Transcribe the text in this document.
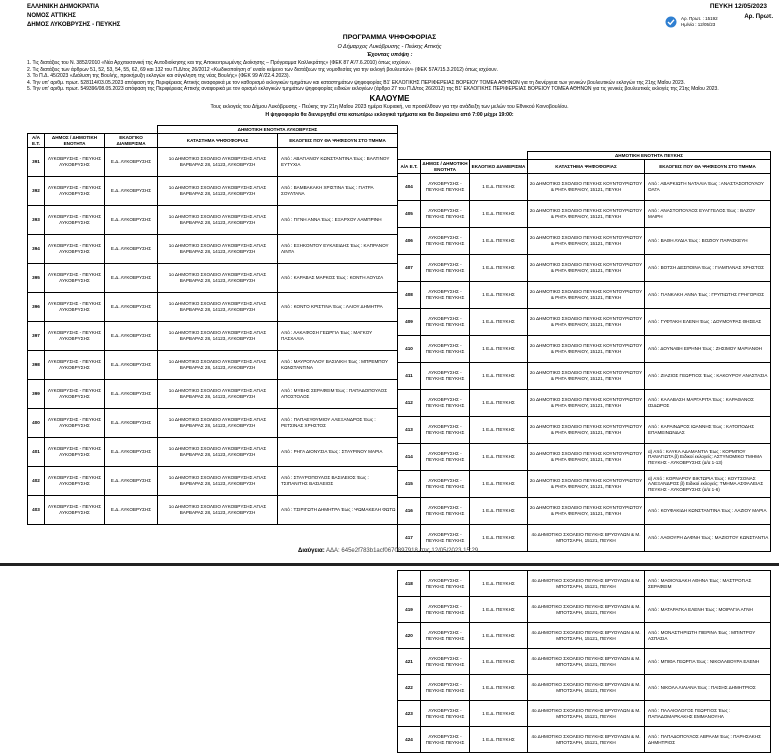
ΕΛΛΗΝΙΚΗ ΔΗΜΟΚΡΑΤΙΑ
ΝΟΜΟΣ ΑΤΤΙΚΗΣ
ΔΗΜΟΣ ΛΥΚΟΒΡΥΣΗΣ - ΠΕΥΚΗΣ
ΠΕΥΚΗ 12/05/2023
Αρ. Πρωτ. : 15192
Ημ/νία : 12/05/23
Αρ. Πρωτ.
ΠΡΟΓΡΑΜΜΑ ΨΗΦΟΦΟΡΙΑΣ
Ο Δήμαρχος Λυκόβρυσης - Πεύκης Αττικής
Έχοντας υπόψη :
1. Τις διατάξεις του Ν. 3852/2010 «Νέα Αρχιτεκτονική της Αυτοδιοίκησης και της Αποκεντρωμένης Διοίκησης – Πρόγραμμα Καλλικράτης» (ΦΕΚ 87 Α'/7.6.2010) όπως ισχύουν.
2. Τις διατάξεις των άρθρων 51, 52, 53, 54, 55, 62, 69 και 132 του Π.Δ/τος 26/2012 «Κωδικοποίηση σ' ενιαίο κείμενο των διατάξεων της νομοθεσίας για την εκλογή βουλευτών» (ΦΕΚ 57Α'/15.3.2012) όπως ισχύουν.
3. Το Π.Δ. 45/2023 «Διάλυση της Βουλής, προκήρυξη εκλογών και σύγκληση της νέας Βουλής» (ΦΕΚ 99 Α'/22.4.2023).
4. Την υπ' αριθμ. πρωτ. 528114/03.05.2023 απόφαση της Περιφέρειας Αττικής αναφορικά με τον καθορισμό εκλογικών τμημάτων και καταστημάτων ψηφοφορίας Β1' ΕΚΛΟΓΙΚΗΣ ΠΕΡΙΦΕΡΕΙΑΣ ΒΟΡΕΙΟΥ ΤΟΜΕΑ ΑΘΗΝΩΝ για τη διενέργεια των γενικών βουλευτικών εκλογών της 21ης Μαΐου 2023.
5. Την υπ' αριθμ. πρωτ. 549396/08.05.2023 απόφαση της Περιφέρειας Αττικής αναφορικά με τον ορισμό εκλογικών τμημάτων ψηφοφορίας ειδικών εκλογέων (άρθρο 27 του Π.Δ/τος 26/2012) της Β1' ΕΚΛΟΓΙΚΗΣ ΠΕΡΙΦΕΡΕΙΑΣ ΒΟΡΕΙΟΥ ΤΟΜΕΑ ΑΘΗΝΩΝ για τις γενικές βουλευτικές εκλογές της 21ης Μαΐου 2023.
ΚΑΛΟΥΜΕ
Τους εκλογείς του Δήμου Λυκόβρυσης - Πεύκης την 21η Μαΐου 2023 ημέρα Κυριακή, να προσέλθουν για την ανάδειξη των μελών του Εθνικού Κοινοβουλίου.
Η ψηφοφορία θα διενεργηθεί στα κατωτέρω εκλογικά τμήματα και θα διαρκέσει από 7:00 μέχρι 19:00:
			ΔΗΜΟΤΙΚΗ ΕΝΟΤΗΤΑ ΛΥΚΟΒΡΥΣΗΣ	
Α/Α Ε.Τ.	ΔΗΜΟΣ / ΔΗΜΟΤΙΚΗ ΕΝΟΤΗΤΑ	ΕΚΛΟΓΙΚΟ ΔΙΑΜΕΡΙΣΜΑ	ΚΑΤΑΣΤΗΜΑ ΨΗΦΟΦΟΡΙΑΣ	ΕΚΛΟΓΕΙΣ ΠΟΥ ΘΑ ΨΗΦΙΣΟΥΝ ΣΤΟ ΤΜΗΜΑ
391	ΛΥΚΟΒΡΥΣΗΣ - ΠΕΥΚΗΣ ΛΥΚΟΒΡΥΣΗΣ	Ε.Δ. ΛΥΚΟΒΡΥΣΗΣ	1ο ΔΗΜΟΤΙΚΟ ΣΧΟΛΕΙΟ ΛΥΚΟΒΡΥΣΗΣ ΑΓΙΑΣ ΒΑΡΒΑΡΑΣ 28, 14123, ΛΥΚΟΒΡΥΣΗ	Από : ΑΒΑΓΙΑΝΟΥ ΚΩΝΣΤΑΝΤΙΝΑ Έως : ΒΑΛΤΙΝΟΥ ΕΥΤΥΧΙΑ
392	ΛΥΚΟΒΡΥΣΗΣ - ΠΕΥΚΗΣ ΛΥΚΟΒΡΥΣΗΣ	Ε.Δ. ΛΥΚΟΒΡΥΣΗΣ	1ο ΔΗΜΟΤΙΚΟ ΣΧΟΛΕΙΟ ΛΥΚΟΒΡΥΣΗΣ ΑΓΙΑΣ ΒΑΡΒΑΡΑΣ 28, 14123, ΛΥΚΟΒΡΥΣΗ	Από : ΒΑΜΒΑΚΑΚΗ ΧΡΙΣΤΙΝΑ Έως : ΓΙΑΤΡΑ ΣΟΥΛΤΑΝΑ
393	ΛΥΚΟΒΡΥΣΗΣ - ΠΕΥΚΗΣ ΛΥΚΟΒΡΥΣΗΣ	Ε.Δ. ΛΥΚΟΒΡΥΣΗΣ	1ο ΔΗΜΟΤΙΚΟ ΣΧΟΛΕΙΟ ΛΥΚΟΒΡΥΣΗΣ ΑΓΙΑΣ ΒΑΡΒΑΡΑΣ 28, 14123, ΛΥΚΟΒΡΥΣΗ	Από : ΓΙΓΝΗ ΑΝΝΑ Έως : ΕΞΑΡΧΟΥ ΛΑΜΠΡΙΝΗ
394	ΛΥΚΟΒΡΥΣΗΣ - ΠΕΥΚΗΣ ΛΥΚΟΒΡΥΣΗΣ	Ε.Δ. ΛΥΚΟΒΡΥΣΗΣ	1ο ΔΗΜΟΤΙΚΟ ΣΧΟΛΕΙΟ ΛΥΚΟΒΡΥΣΗΣ ΑΓΙΑΣ ΒΑΡΒΑΡΑΣ 28, 14123, ΛΥΚΟΒΡΥΣΗ	Από : ΕΞΗΚΟΝΤΟΥ ΕΥΚΛΕΙΔΗΣ Έως : ΚΑΠΡΑΝΟΥ ΛΙΝΤΑ
395	ΛΥΚΟΒΡΥΣΗΣ - ΠΕΥΚΗΣ ΛΥΚΟΒΡΥΣΗΣ	Ε.Δ. ΛΥΚΟΒΡΥΣΗΣ	1ο ΔΗΜΟΤΙΚΟ ΣΧΟΛΕΙΟ ΛΥΚΟΒΡΥΣΗΣ ΑΓΙΑΣ ΒΑΡΒΑΡΑΣ 28, 14123, ΛΥΚΟΒΡΥΣΗ	Από : ΚΑΡΑΒΑΣ ΜΑΡΚΟΣ Έως : ΚΟΝΤΗ ΛΟΥΙΖΑ
396	ΛΥΚΟΒΡΥΣΗΣ - ΠΕΥΚΗΣ ΛΥΚΟΒΡΥΣΗΣ	Ε.Δ. ΛΥΚΟΒΡΥΣΗΣ	1ο ΔΗΜΟΤΙΚΟ ΣΧΟΛΕΙΟ ΛΥΚΟΒΡΥΣΗΣ ΑΓΙΑΣ ΒΑΡΒΑΡΑΣ 28, 14123, ΛΥΚΟΒΡΥΣΗ	Από : ΚΟΝΤΟ ΚΡΙΣΤΙΝΑ Έως : ΛΑΙΟΥ ΔΗΜΗΤΡΑ
397	ΛΥΚΟΒΡΥΣΗΣ - ΠΕΥΚΗΣ ΛΥΚΟΒΡΥΣΗΣ	Ε.Δ. ΛΥΚΟΒΡΥΣΗΣ	1ο ΔΗΜΟΤΙΚΟ ΣΧΟΛΕΙΟ ΛΥΚΟΒΡΥΣΗΣ ΑΓΙΑΣ ΒΑΡΒΑΡΑΣ 28, 14123, ΛΥΚΟΒΡΥΣΗ	Από : ΛΑΚΑΦΟΣΗ ΓΕΩΡΓΙΑ Έως : ΜΑΓΚΟΥ ΠΑΣΧΑΛΙΑ
398	ΛΥΚΟΒΡΥΣΗΣ - ΠΕΥΚΗΣ ΛΥΚΟΒΡΥΣΗΣ	Ε.Δ. ΛΥΚΟΒΡΥΣΗΣ	1ο ΔΗΜΟΤΙΚΟ ΣΧΟΛΕΙΟ ΛΥΚΟΒΡΥΣΗΣ ΑΓΙΑΣ ΒΑΡΒΑΡΑΣ 28, 14123, ΛΥΚΟΒΡΥΣΗ	Από : ΜΑΥΡΟΓΑΛΟΥ ΒΑΣΙΛΙΚΗ Έως : ΜΠΡΕΜΠΟΥ ΚΩΝΣΤΑΝΤΙΝΑ
399	ΛΥΚΟΒΡΥΣΗΣ - ΠΕΥΚΗΣ ΛΥΚΟΒΡΥΣΗΣ	Ε.Δ. ΛΥΚΟΒΡΥΣΗΣ	1ο ΔΗΜΟΤΙΚΟ ΣΧΟΛΕΙΟ ΛΥΚΟΒΡΥΣΗΣ ΑΓΙΑΣ ΒΑΡΒΑΡΑΣ 28, 14123, ΛΥΚΟΒΡΥΣΗ	Από : ΜΥΒΗΣ ΣΕΡΑΦΕΙΜ Έως : ΠΑΠΑΔΟΠΟΥΛΟΣ ΑΠΟΣΤΟΛΟΣ
400	ΛΥΚΟΒΡΥΣΗΣ - ΠΕΥΚΗΣ ΛΥΚΟΒΡΥΣΗΣ	Ε.Δ. ΛΥΚΟΒΡΥΣΗΣ	1ο ΔΗΜΟΤΙΚΟ ΣΧΟΛΕΙΟ ΛΥΚΟΒΡΥΣΗΣ ΑΓΙΑΣ ΒΑΡΒΑΡΑΣ 28, 14123, ΛΥΚΟΒΡΥΣΗ	Από : ΠΑΠΑΕΥΘΥΜΙΟΥ ΑΛΕΞΑΝΔΡΟΣ Έως : ΡΕΤΣΙΝΑΣ ΧΡΗΣΤΟΣ
401	ΛΥΚΟΒΡΥΣΗΣ - ΠΕΥΚΗΣ ΛΥΚΟΒΡΥΣΗΣ	Ε.Δ. ΛΥΚΟΒΡΥΣΗΣ	1ο ΔΗΜΟΤΙΚΟ ΣΧΟΛΕΙΟ ΛΥΚΟΒΡΥΣΗΣ ΑΓΙΑΣ ΒΑΡΒΑΡΑΣ 28, 14123, ΛΥΚΟΒΡΥΣΗ	Από : ΡΗΓΑ ΔΙΟΝΥΣΙΑ Έως : ΣΤΑΥΡΙΝΟΥ ΜΑΡΙΑ
402	ΛΥΚΟΒΡΥΣΗΣ - ΠΕΥΚΗΣ ΛΥΚΟΒΡΥΣΗΣ	Ε.Δ. ΛΥΚΟΒΡΥΣΗΣ	1ο ΔΗΜΟΤΙΚΟ ΣΧΟΛΕΙΟ ΛΥΚΟΒΡΥΣΗΣ ΑΓΙΑΣ ΒΑΡΒΑΡΑΣ 28, 14123, ΛΥΚΟΒΡΥΣΗ	Από : ΣΤΑΥΡΟΠΟΥΛΟΣ ΒΑΣΙΛΕΙΟΣ Έως : ΤΣΙΠΑΝΙΤΗΣ ΒΑΣΙΛΕΙΟΣ
403	ΛΥΚΟΒΡΥΣΗΣ - ΠΕΥΚΗΣ ΛΥΚΟΒΡΥΣΗΣ	Ε.Δ. ΛΥΚΟΒΡΥΣΗΣ	1ο ΔΗΜΟΤΙΚΟ ΣΧΟΛΕΙΟ ΛΥΚΟΒΡΥΣΗΣ ΑΓΙΑΣ ΒΑΡΒΑΡΑΣ 28, 14123, ΛΥΚΟΒΡΥΣΗ	Από : ΤΣΙΡΙΓΩΤΗ ΔΗΜΗΤΡΑ Έως : ΨΩΜΑΚΕΛΗ ΦΩΤΩ
			ΔΗΜΟΤΙΚΗ ΕΝΟΤΗΤΑ ΠΕΥΚΗΣ	
Α/Α Ε.Τ.	ΔΗΜΟΣ / ΔΗΜΟΤΙΚΗ ΕΝΟΤΗΤΑ	ΕΚΛΟΓΙΚΟ ΔΙΑΜΕΡΙΣΜΑ	ΚΑΤΑΣΤΗΜΑ ΨΗΦΟΦΟΡΙΑΣ	ΕΚΛΟΓΕΙΣ ΠΟΥ ΘΑ ΨΗΦΙΣΟΥΝ ΣΤΟ ΤΜΗΜΑ
404	ΛΥΚΟΒΡΥΣΗΣ - ΠΕΥΚΗΣ ΠΕΥΚΗΣ	1 Ε.Δ. ΠΕΥΚΗΣ	2ο ΔΗΜΟΤΙΚΟ ΣΧΟΛΕΙΟ ΠΕΥΚΗΣ ΚΟΥΝΤΟΥΡΙΩΤΟΥ & ΡΗΓΑ ΦΕΡΑΙΟΥ, 15121, ΠΕΥΚΗ	Από : ΑΒΑΡΚΙΩΤΗ ΝΑΤΑΛΙΑ Έως : ΑΝΑΣΤΑΣΟΠΟΥΛΟΥ ΟΛΓΑ
405	ΛΥΚΟΒΡΥΣΗΣ - ΠΕΥΚΗΣ ΠΕΥΚΗΣ	1 Ε.Δ. ΠΕΥΚΗΣ	2ο ΔΗΜΟΤΙΚΟ ΣΧΟΛΕΙΟ ΠΕΥΚΗΣ ΚΟΥΝΤΟΥΡΙΩΤΟΥ & ΡΗΓΑ ΦΕΡΑΙΟΥ, 15121, ΠΕΥΚΗ	Από : ΑΝΑΣΤΟΠΟΥΛΟΣ ΕΥΑΓΓΕΛΟΣ Έως : ΒΑΖΟΥ ΜΑΙΡΗ
406	ΛΥΚΟΒΡΥΣΗΣ - ΠΕΥΚΗΣ ΠΕΥΚΗΣ	1 Ε.Δ. ΠΕΥΚΗΣ	2ο ΔΗΜΟΤΙΚΟ ΣΧΟΛΕΙΟ ΠΕΥΚΗΣ ΚΟΥΝΤΟΥΡΙΩΤΟΥ & ΡΗΓΑ ΦΕΡΑΙΟΥ, 15121, ΠΕΥΚΗ	Από : ΒΑΘΗ ΛΥΔΙΑ Έως : ΒΟΖΙΟΥ ΠΑΡΑΣΚΕΥΗ
407	ΛΥΚΟΒΡΥΣΗΣ - ΠΕΥΚΗΣ ΠΕΥΚΗΣ	1 Ε.Δ. ΠΕΥΚΗΣ	2ο ΔΗΜΟΤΙΚΟ ΣΧΟΛΕΙΟ ΠΕΥΚΗΣ ΚΟΥΝΤΟΥΡΙΩΤΟΥ & ΡΗΓΑ ΦΕΡΑΙΟΥ, 15121, ΠΕΥΚΗ	Από : ΒΟΤΣΗ ΔΕΣΠΟΙΝΑ Έως : ΓΙΑΜΠΑΝΑΣ ΧΡΗΣΤΟΣ
408	ΛΥΚΟΒΡΥΣΗΣ - ΠΕΥΚΗΣ ΠΕΥΚΗΣ	1 Ε.Δ. ΠΕΥΚΗΣ	2ο ΔΗΜΟΤΙΚΟ ΣΧΟΛΕΙΟ ΠΕΥΚΗΣ ΚΟΥΝΤΟΥΡΙΩΤΟΥ & ΡΗΓΑ ΦΕΡΑΙΟΥ, 15121, ΠΕΥΚΗ	Από : ΓΙΑΝΚΑΚΗ ΑΝΝΑ Έως : ΓΡΥΠΙΩΤΗΣ ΓΡΗΓΟΡΙΟΣ
409	ΛΥΚΟΒΡΥΣΗΣ - ΠΕΥΚΗΣ ΠΕΥΚΗΣ	1 Ε.Δ. ΠΕΥΚΗΣ	2ο ΔΗΜΟΤΙΚΟ ΣΧΟΛΕΙΟ ΠΕΥΚΗΣ ΚΟΥΝΤΟΥΡΙΩΤΟΥ & ΡΗΓΑ ΦΕΡΑΙΟΥ, 15121, ΠΕΥΚΗ	Από : ΓΥΦΤΑΚΗ ΕΛΕΝΗ Έως : ΔΟΥΜΟΥΡΑΣ ΘΗΣΕΑΣ
410	ΛΥΚΟΒΡΥΣΗΣ - ΠΕΥΚΗΣ ΠΕΥΚΗΣ	1 Ε.Δ. ΠΕΥΚΗΣ	2ο ΔΗΜΟΤΙΚΟ ΣΧΟΛΕΙΟ ΠΕΥΚΗΣ ΚΟΥΝΤΟΥΡΙΩΤΟΥ & ΡΗΓΑ ΦΕΡΑΙΟΥ, 15121, ΠΕΥΚΗ	Από : ΔΟΥΝΑΒΗ ΕΙΡΗΝΗ Έως : ΖΗΣΙΜΟΥ ΜΑΡΙΑΝΘΗ
411	ΛΥΚΟΒΡΥΣΗΣ - ΠΕΥΚΗΣ ΠΕΥΚΗΣ	1 Ε.Δ. ΠΕΥΚΗΣ	2ο ΔΗΜΟΤΙΚΟ ΣΧΟΛΕΙΟ ΠΕΥΚΗΣ ΚΟΥΝΤΟΥΡΙΩΤΟΥ & ΡΗΓΑ ΦΕΡΑΙΟΥ, 15121, ΠΕΥΚΗ	Από : ΖΙΑΖΙΟΣ ΓΕΩΡΓΙΟΣ Έως : ΚΑΚΟΥΡΟΥ ΑΝΑΣΤΑΣΙΑ
412	ΛΥΚΟΒΡΥΣΗΣ - ΠΕΥΚΗΣ ΠΕΥΚΗΣ	1 Ε.Δ. ΠΕΥΚΗΣ	2ο ΔΗΜΟΤΙΚΟ ΣΧΟΛΕΙΟ ΠΕΥΚΗΣ ΚΟΥΝΤΟΥΡΙΩΤΟΥ & ΡΗΓΑ ΦΕΡΑΙΟΥ, 15121, ΠΕΥΚΗ	Από : ΚΑΛΑΒΑΣΗ ΜΑΡΓΑΡΙΤΑ Έως : ΚΑΡΑΘΑΝΟΣ ΙΣΙΔΩΡΟΣ
413	ΛΥΚΟΒΡΥΣΗΣ - ΠΕΥΚΗΣ ΠΕΥΚΗΣ	1 Ε.Δ. ΠΕΥΚΗΣ	2ο ΔΗΜΟΤΙΚΟ ΣΧΟΛΕΙΟ ΠΕΥΚΗΣ ΚΟΥΝΤΟΥΡΙΩΤΟΥ & ΡΗΓΑ ΦΕΡΑΙΟΥ, 15121, ΠΕΥΚΗ	Από : ΚΑΡΑΙΝΔΡΟΣ ΙΩΑΝΝΗΣ Έως : ΚΑΤΟΠΟΔΗΣ ΕΠΑΜΕΙΝΩΝΔΑΣ
414	ΛΥΚΟΒΡΥΣΗΣ - ΠΕΥΚΗΣ ΠΕΥΚΗΣ	1 Ε.Δ. ΠΕΥΚΗΣ	2ο ΔΗΜΟΤΙΚΟ ΣΧΟΛΕΙΟ ΠΕΥΚΗΣ ΚΟΥΝΤΟΥΡΙΩΤΟΥ & ΡΗΓΑ ΦΕΡΑΙΟΥ, 15121, ΠΕΥΚΗ	α) Από : ΚΑΥΚΑ ΑΔΑΜΑΝΤΙΑ Έως : ΚΟΡΜΠΟΥ ΠΑΝΑΓΙΩΤΑ β) Ειδικοί εκλογείς: ΑΣΤΥΝΟΜΙΚΟ ΤΜΗΜΑ ΠΕΥΚΗΣ - ΛΥΚΟΒΡΥΣΗΣ (α/α 1-13)
415	ΛΥΚΟΒΡΥΣΗΣ - ΠΕΥΚΗΣ ΠΕΥΚΗΣ	1 Ε.Δ. ΠΕΥΚΗΣ	2ο ΔΗΜΟΤΙΚΟ ΣΧΟΛΕΙΟ ΠΕΥΚΗΣ ΚΟΥΝΤΟΥΡΙΩΤΟΥ & ΡΗΓΑ ΦΕΡΑΙΟΥ, 15121, ΠΕΥΚΗ	α) Από : ΚΟΡΝΑΡΟΥ ΒΙΚΤΩΡΙΑ Έως : ΚΟΥΤΣΟΝΑΣ ΑΛΕΞΑΝΔΡΟΣ β) Ειδικοί εκλογείς: ΤΜΗΜΑ ΑΣΦΑΛΕΙΑΣ ΠΕΥΚΗΣ - ΛΥΚΟΒΡΥΣΗΣ (α/α 1-6)
416	ΛΥΚΟΒΡΥΣΗΣ - ΠΕΥΚΗΣ ΠΕΥΚΗΣ	1 Ε.Δ. ΠΕΥΚΗΣ	2ο ΔΗΜΟΤΙΚΟ ΣΧΟΛΕΙΟ ΠΕΥΚΗΣ ΚΟΥΝΤΟΥΡΙΩΤΟΥ & ΡΗΓΑ ΦΕΡΑΙΟΥ, 15121, ΠΕΥΚΗ	Από : ΚΟΥΦΑΚΙΔΗ ΚΩΝΣΤΑΝΤΙΝΑ Έως : ΛΑΖΙΟΥ ΜΑΡΙΑ
417	ΛΥΚΟΒΡΥΣΗΣ - ΠΕΥΚΗΣ ΠΕΥΚΗΣ	1 Ε.Δ. ΠΕΥΚΗΣ	4ο ΔΗΜΟΤΙΚΟ ΣΧΟΛΕΙΟ ΠΕΥΚΗΣ ΒΡΥΟΥΛΩΝ & Μ. ΜΠΟΤΣΑΡΗ, 15121, ΠΕΥΚΗ	Από : ΛΑΘΟΥΡΗ ΔΑΦΝΗ Έως : ΜΑΖΙΟΤΟΥ ΚΩΝΣΤΑΝΤΙΑ
Διαύγεια: ΑΔΑ: 645e2f783b1acf0670897918 στις 12/05/2023 15:29
418	ΛΥΚΟΒΡΥΣΗΣ - ΠΕΥΚΗΣ ΠΕΥΚΗΣ	1 Ε.Δ. ΠΕΥΚΗΣ	4ο ΔΗΜΟΤΙΚΟ ΣΧΟΛΕΙΟ ΠΕΥΚΗΣ ΒΡΥΟΥΛΩΝ & Μ. ΜΠΟΤΣΑΡΗ, 15121, ΠΕΥΚΗ	Από : ΜΑΘΙΟΥΔΑΚΗ ΑΘΗΝΑ Έως : ΜΑΣΤΡΟΓΙΑΣ ΣΕΡΑΦΕΙΜ
419	ΛΥΚΟΒΡΥΣΗΣ - ΠΕΥΚΗΣ ΠΕΥΚΗΣ	1 Ε.Δ. ΠΕΥΚΗΣ	4ο ΔΗΜΟΤΙΚΟ ΣΧΟΛΕΙΟ ΠΕΥΚΗΣ ΒΡΥΟΥΛΩΝ & Μ. ΜΠΟΤΣΑΡΗ, 15121, ΠΕΥΚΗ	Από : ΜΑΤΑΡΑΓΚΑ ΕΛΕΝΗ Έως : ΜΟΙΡΑΓΙΑ ΑΓΝΗ
420	ΛΥΚΟΒΡΥΣΗΣ - ΠΕΥΚΗΣ ΠΕΥΚΗΣ	1 Ε.Δ. ΠΕΥΚΗΣ	4ο ΔΗΜΟΤΙΚΟ ΣΧΟΛΕΙΟ ΠΕΥΚΗΣ ΒΡΥΟΥΛΩΝ & Μ. ΜΠΟΤΣΑΡΗ, 15121, ΠΕΥΚΗ	Από : ΜΟΝΑΣΤΗΡΙΩΤΗ ΠΙΕΡΙΝΑ Έως : ΜΠΙΝΤΡΟΥ ΑΣΠΑΣΙΑ
421	ΛΥΚΟΒΡΥΣΗΣ - ΠΕΥΚΗΣ ΠΕΥΚΗΣ	1 Ε.Δ. ΠΕΥΚΗΣ	4ο ΔΗΜΟΤΙΚΟ ΣΧΟΛΕΙΟ ΠΕΥΚΗΣ ΒΡΥΟΥΛΩΝ & Μ. ΜΠΟΤΣΑΡΗ, 15121, ΠΕΥΚΗ	Από : ΜΠΙΘΑ ΓΕΩΡΓΙΑ Έως : ΝΙΚΟΛΑΒΟΥΡΑ ΕΛΕΝΗ
422	ΛΥΚΟΒΡΥΣΗΣ - ΠΕΥΚΗΣ ΠΕΥΚΗΣ	1 Ε.Δ. ΠΕΥΚΗΣ	4ο ΔΗΜΟΤΙΚΟ ΣΧΟΛΕΙΟ ΠΕΥΚΗΣ ΒΡΥΟΥΛΩΝ & Μ. ΜΠΟΤΣΑΡΗ, 15121, ΠΕΥΚΗ	Από : ΝΙΚΟΛΑ ΛΙΛΙΑΝΑ Έως : ΠΑΙΣΗΣ ΔΗΜΗΤΡΙΟΣ
423	ΛΥΚΟΒΡΥΣΗΣ - ΠΕΥΚΗΣ ΠΕΥΚΗΣ	1 Ε.Δ. ΠΕΥΚΗΣ	4ο ΔΗΜΟΤΙΚΟ ΣΧΟΛΕΙΟ ΠΕΥΚΗΣ ΒΡΥΟΥΛΩΝ & Μ. ΜΠΟΤΣΑΡΗ, 15121, ΠΕΥΚΗ	Από : ΠΑΛΑΙΟΛΟΓΟΣ ΓΕΩΡΓΙΟΣ Έως : ΠΑΠΑΔΟΜΑΡΚΑΚΗΣ ΕΜΜΑΝΟΥΗΛ
424	ΛΥΚΟΒΡΥΣΗΣ - ΠΕΥΚΗΣ ΠΕΥΚΗΣ	1 Ε.Δ. ΠΕΥΚΗΣ	4ο ΔΗΜΟΤΙΚΟ ΣΧΟΛΕΙΟ ΠΕΥΚΗΣ ΒΡΥΟΥΛΩΝ & Μ. ΜΠΟΤΣΑΡΗ, 15121, ΠΕΥΚΗ	Από : ΠΑΠΑΔΟΠΟΥΛΟΣ ΑΒΡΑΑΜ Έως : ΠΑΡΗΣΑΚΗΣ ΔΗΜΗΤΡΙΟΣ
